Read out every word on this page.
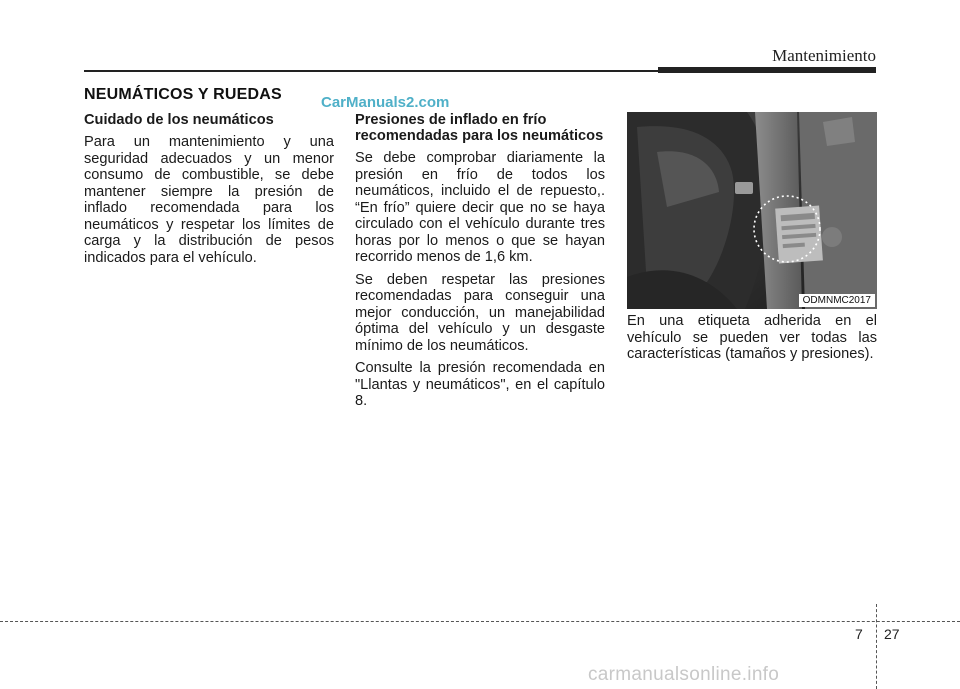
Mantenimiento
NEUMÁTICOS Y RUEDAS	CarManuals2.com
Cuidado de los neumáticos

Para un mantenimiento y una seguridad adecuados y un menor consumo de combustible, se debe mantener siempre la presión de inflado recomendada para los neumáticos y respetar los límites de carga y la distribución de pesos indicados para el vehículo.

Presiones de inflado en frío recomendadas para los neumáticos

Se debe comprobar diariamente la presión en frío de todos los neumáticos, incluido el de repuesto,. “En frío” quiere decir que no se haya circulado con el vehículo durante tres horas por lo menos o que se hayan recorrido menos de 1,6 km.

Se deben respetar las presiones recomendadas para conseguir una mejor conducción, un manejabilidad óptima del vehículo y un desgaste mínimo de los neumáticos.

Consulte la presión recomendada en "Llantas y neumáticos", en el capítulo 8.

ODMNMC2017

En una etiqueta adherida en el vehículo se pueden ver todas las características (tamaños y presiones).

7 27
carmanualsonline.info
